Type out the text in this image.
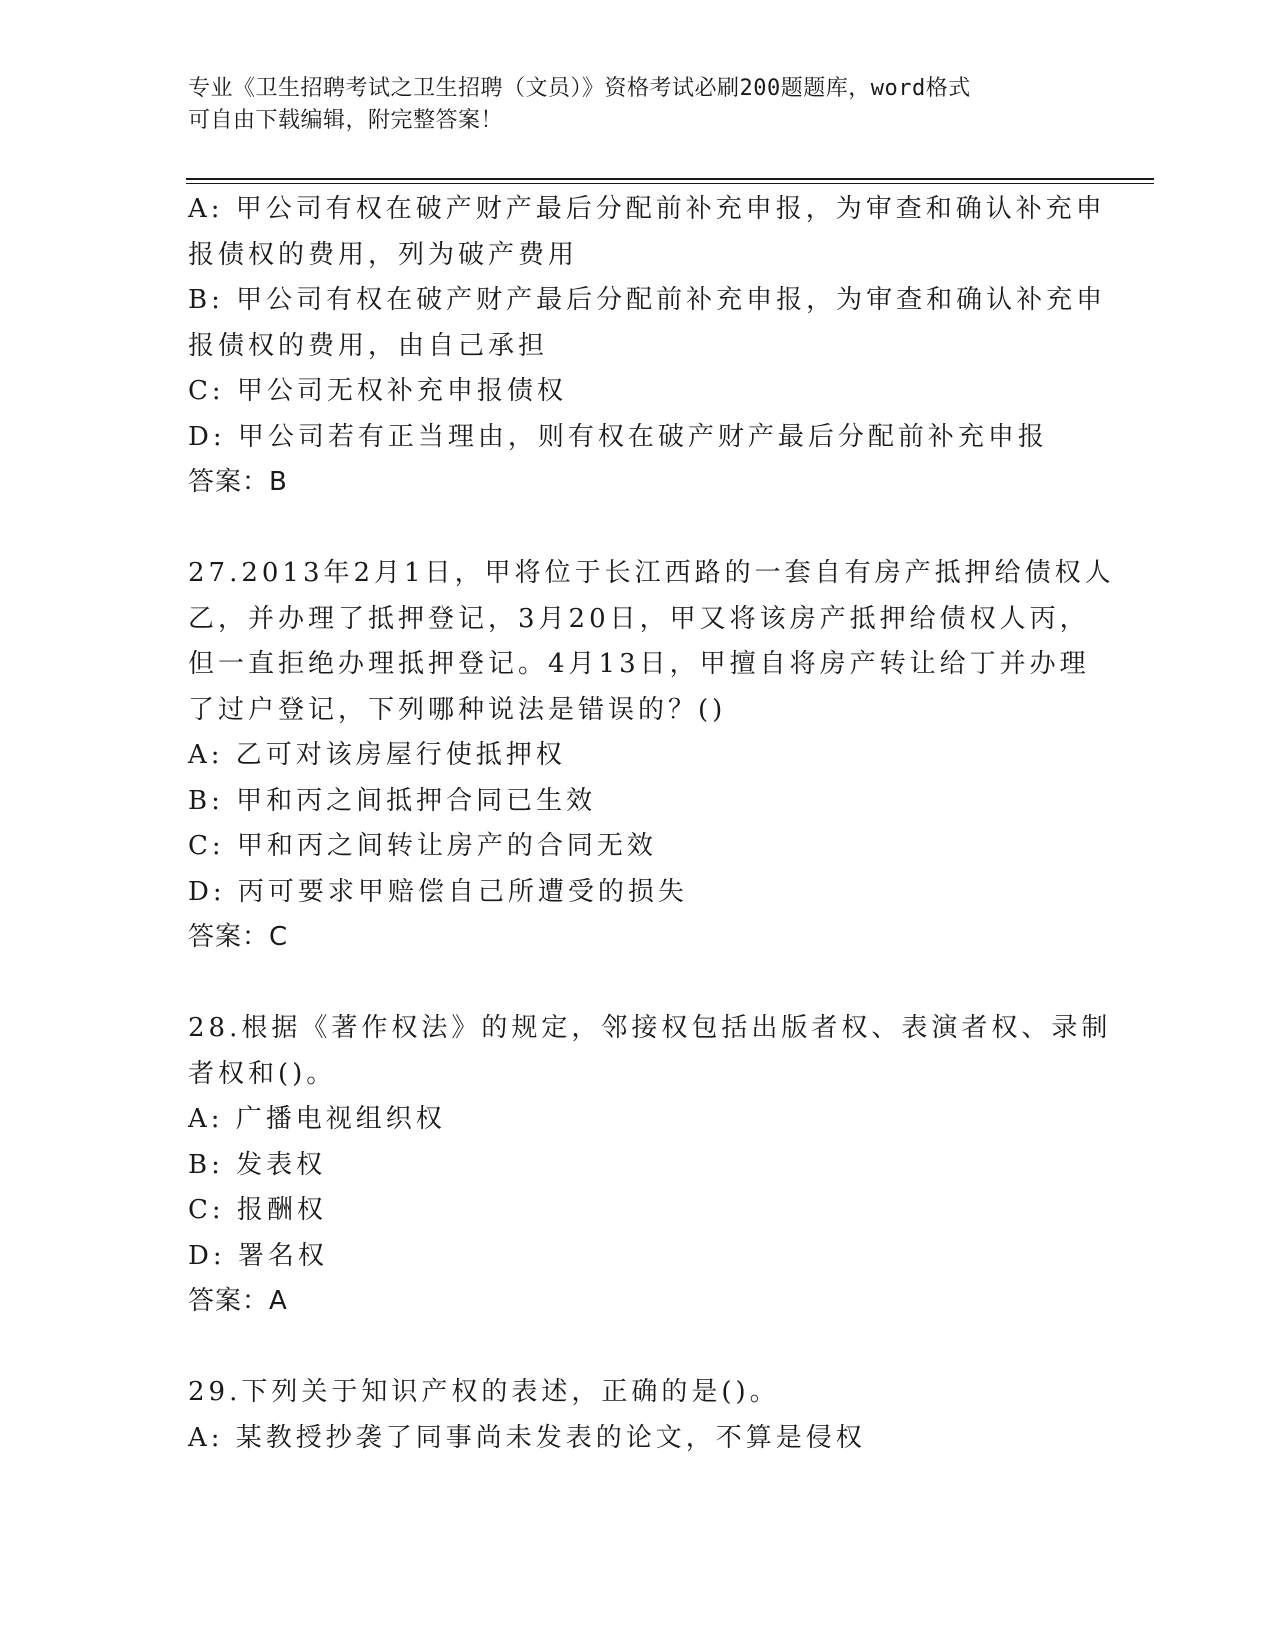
专业《卫生招聘考试之卫生招聘（文员）》资格考试必刷200题题库，word格式
可自由下载编辑，附完整答案！
A: 甲公司有权在破产财产最后分配前补充申报，为审查和确认补充申
报债权的费用，列为破产费用
B: 甲公司有权在破产财产最后分配前补充申报，为审查和确认补充申
报债权的费用，由自己承担
C: 甲公司无权补充申报债权
D: 甲公司若有正当理由，则有权在破产财产最后分配前补充申报
答案：B
27.2013年2月1日，甲将位于长江西路的一套自有房产抵押给债权人
乙，并办理了抵押登记，3月20日，甲又将该房产抵押给债权人丙，
但一直拒绝办理抵押登记。4月13日，甲擅自将房产转让给丁并办理
了过户登记，下列哪种说法是错误的？()
A: 乙可对该房屋行使抵押权
B: 甲和丙之间抵押合同已生效
C: 甲和丙之间转让房产的合同无效
D: 丙可要求甲赔偿自己所遭受的损失
答案：C
28.根据《著作权法》的规定，邻接权包括出版者权、表演者权、录制
者权和()。
A: 广播电视组织权
B: 发表权
C: 报酬权
D: 署名权
答案：A
29.下列关于知识产权的表述，正确的是()。
A: 某教授抄袭了同事尚未发表的论文，不算是侵权
